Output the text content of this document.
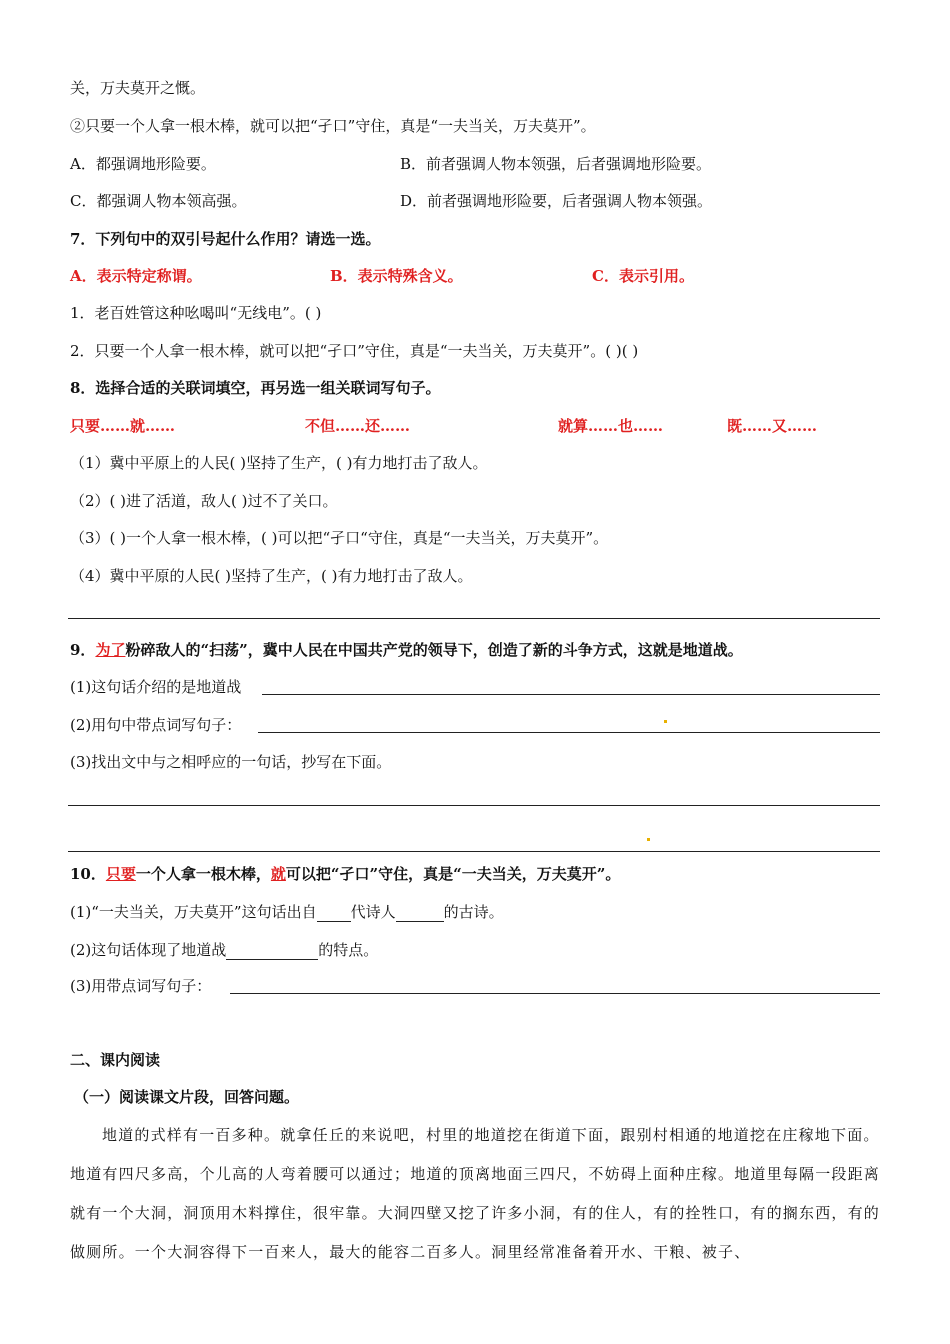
关，万夫莫开之慨。
②只要一个人拿一根木棒，就可以把“孑口”守住，真是“一夫当关，万夫莫开”。
A．都强调地形险要。	B．前者强调人物本领强，后者强调地形险要。
C．都强调人物本领高强。	D．前者强调地形险要，后者强调人物本领强。
7．下列句中的双引号起什么作用？请选一选。
A．表示特定称谓。	B．表示特殊含义。	C．表示引用。
1．老百姓管这种吆喝叫“无线电”。( )
2．只要一个人拿一根木棒，就可以把“孑口”守住，真是“一夫当关，万夫莫开”。( )( )
8．选择合适的关联词填空，再另选一组关联词写句子。
只要……就……	不但……还……	就算……也……	既……又……
（1）冀中平原上的人民( )坚持了生产，( )有力地打击了敌人。
（2）( )进了活道，敌人( )过不了关口。
（3）( )一个人拿一根木棒，( )可以把“孑口“守住，真是“一夫当关，万夫莫开”。
（4）冀中平原的人民( )坚持了生产，( )有力地打击了敌人。
9．为了粉碎敌人的“扫荡”，冀中人民在中国共产党的领导下，创造了新的斗争方式，这就是地道战。
(1)这句话介绍的是地道战
(2)用句中带点词写句子：
(3)找出文中与之相呼应的一句话，抄写在下面。
10．只要一个人拿一根木棒，就可以把“孑口”守住，真是“一夫当关，万夫莫开”。
(1)“一夫当关，万夫莫开”这句话出自 代诗人	的古诗。
(2)这句话体现了地道战	的特点。
(3)用带点词写句子：
二、课内阅读
（一）阅读课文片段，回答问题。
地道的式样有一百多种。就拿任丘的来说吧，村里的地道挖在街道下面，跟别村相通的地道挖在庄稼地下面。地道有四尺多高，个儿高的人弯着腰可以通过；地道的顶离地面三四尺，不妨碍上面种庄稼。地道里每隔一段距离就有一个大洞，洞顶用木料撑住，很牢靠。大洞四壁又挖了许多小洞，有的住人，有的拴牲口，有的搁东西，有的做厕所。一个大洞容得下一百来人，最大的能容二百多人。洞里经常准备着开水、干粮、被子、
